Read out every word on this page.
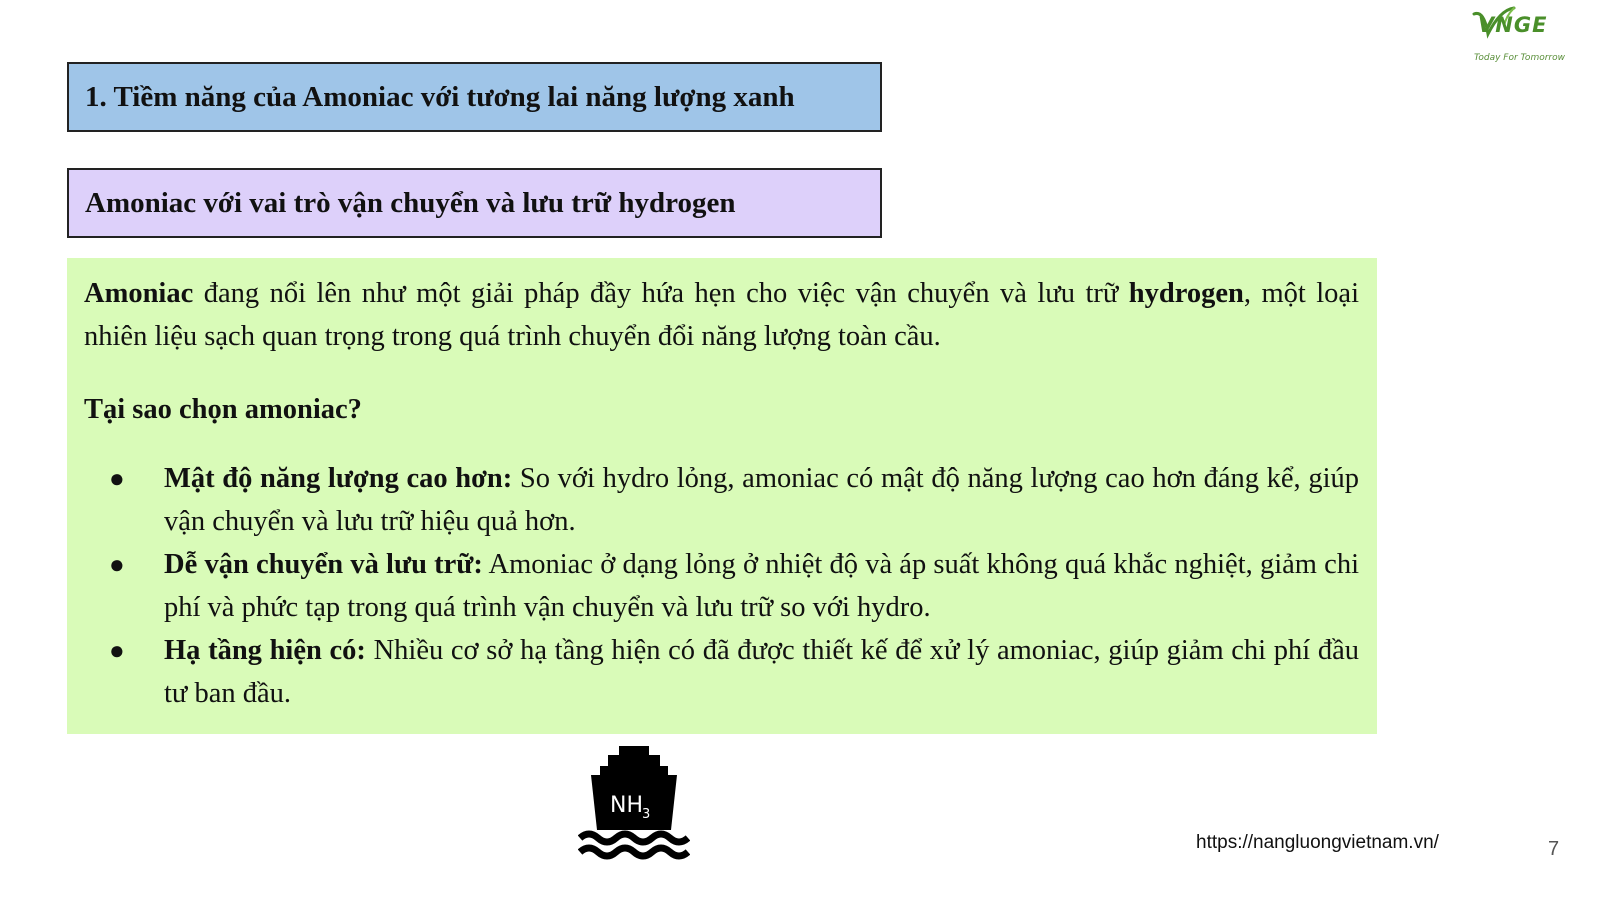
VNGE
Today For Tomorrow
1. Tiềm năng của Amoniac với tương lai năng lượng xanh
Amoniac với vai trò vận chuyển và lưu trữ hydrogen

Amoniac đang nổi lên như một giải pháp đầy hứa hẹn cho việc vận chuyển và lưu trữ hydrogen, một loại nhiên liệu sạch quan trọng trong quá trình chuyển đổi năng lượng toàn cầu.

Tại sao chọn amoniac?

● Mật độ năng lượng cao hơn: So với hydro lỏng, amoniac có mật độ năng lượng cao hơn đáng kể, giúp vận chuyển và lưu trữ hiệu quả hơn.
● Dễ vận chuyển và lưu trữ: Amoniac ở dạng lỏng ở nhiệt độ và áp suất không quá khắc nghiệt, giảm chi phí và phức tạp trong quá trình vận chuyển và lưu trữ so với hydro.
● Hạ tầng hiện có: Nhiều cơ sở hạ tầng hiện có đã được thiết kế để xử lý amoniac, giúp giảm chi phí đầu tư ban đầu.
NH 3
https://nangluongvietnam.vn/	7
